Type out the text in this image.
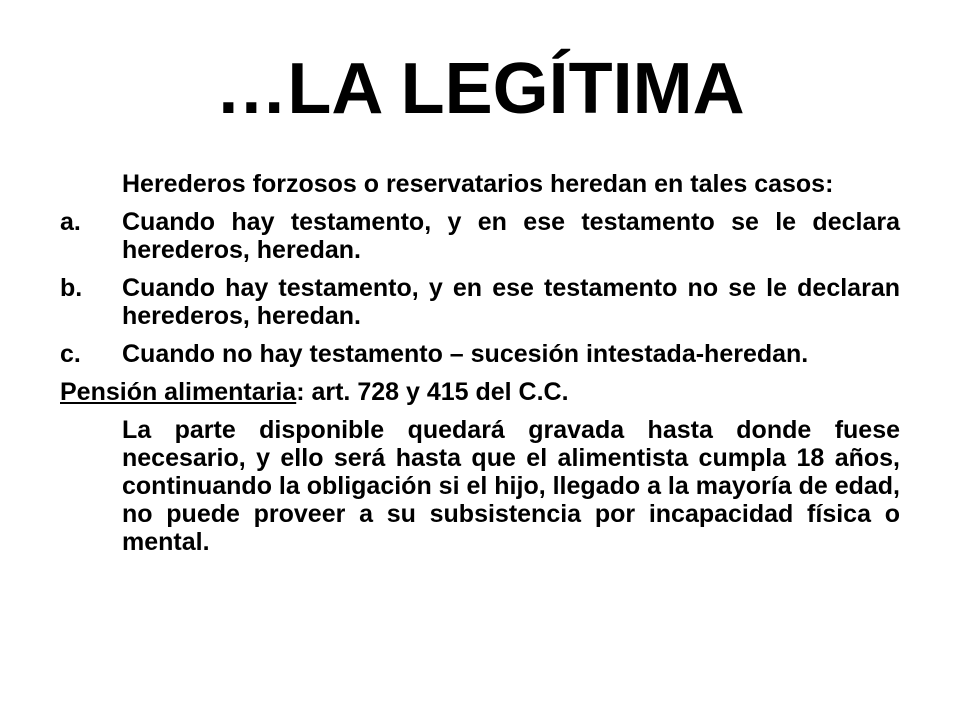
…LA LEGÍTIMA

Herederos forzosos o reservatarios heredan en tales casos:

a.	Cuando hay testamento, y en ese testamento se le declara herederos, heredan.
b.	Cuando hay testamento, y en ese testamento no se le declaran herederos, heredan.
c.	Cuando no hay testamento – sucesión intestada-heredan.

Pensión alimentaria: art. 728 y 415 del C.C.

La parte disponible quedará gravada hasta donde fuese necesario, y ello será hasta que el alimentista cumpla 18 años, continuando la obligación si el hijo, llegado a la mayoría de edad, no puede proveer a su subsistencia por incapacidad física o mental.
